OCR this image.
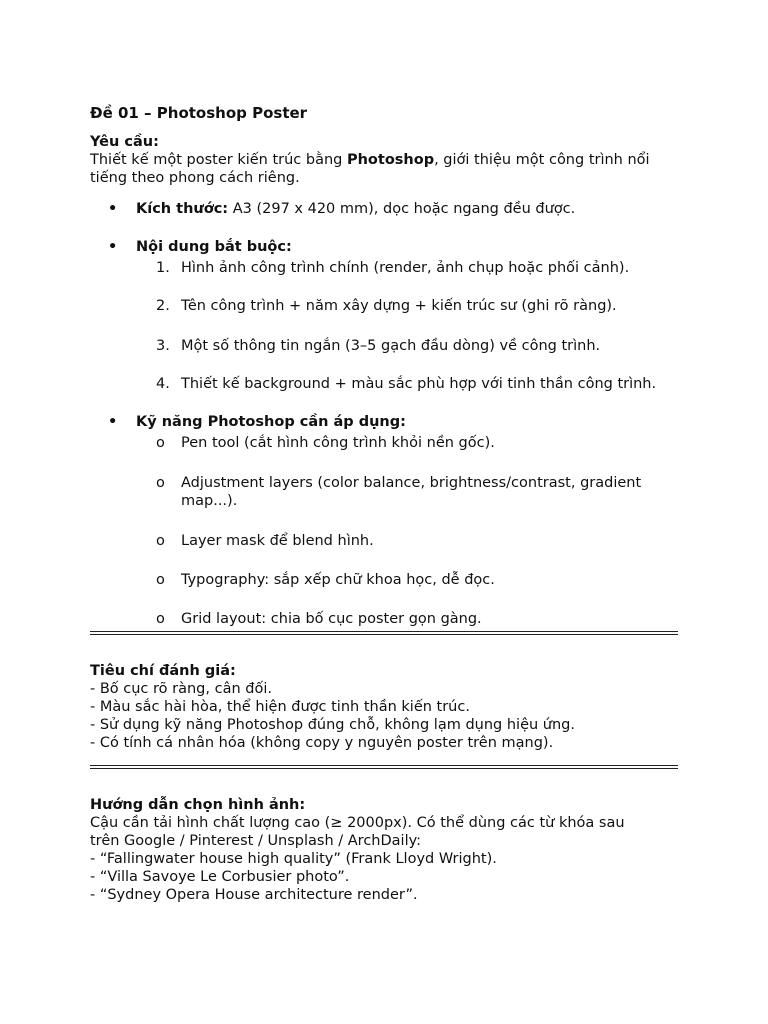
Đề 01 – Photoshop Poster
Yêu cầu:
Thiết kế một poster kiến trúc bằng Photoshop, giới thiệu một công trình nổi
tiếng theo phong cách riêng.
• Kích thước: A3 (297 x 420 mm), dọc hoặc ngang đều được.
• Nội dung bắt buộc:
1. Hình ảnh công trình chính (render, ảnh chụp hoặc phối cảnh).
2. Tên công trình + năm xây dựng + kiến trúc sư (ghi rõ ràng).
3. Một số thông tin ngắn (3–5 gạch đầu dòng) về công trình.
4. Thiết kế background + màu sắc phù hợp với tinh thần công trình.
• Kỹ năng Photoshop cần áp dụng:
o Pen tool (cắt hình công trình khỏi nền gốc).
o Adjustment layers (color balance, brightness/contrast, gradient map...).
o Layer mask để blend hình.
o Typography: sắp xếp chữ khoa học, dễ đọc.
o Grid layout: chia bố cục poster gọn gàng.
Tiêu chí đánh giá:
- Bố cục rõ ràng, cân đối.
- Màu sắc hài hòa, thể hiện được tinh thần kiến trúc.
- Sử dụng kỹ năng Photoshop đúng chỗ, không lạm dụng hiệu ứng.
- Có tính cá nhân hóa (không copy y nguyên poster trên mạng).
Hướng dẫn chọn hình ảnh:
Cậu cần tải hình chất lượng cao (≥ 2000px). Có thể dùng các từ khóa sau
trên Google / Pinterest / Unsplash / ArchDaily:
- “Fallingwater house high quality” (Frank Lloyd Wright).
- “Villa Savoye Le Corbusier photo”.
- “Sydney Opera House architecture render”.
